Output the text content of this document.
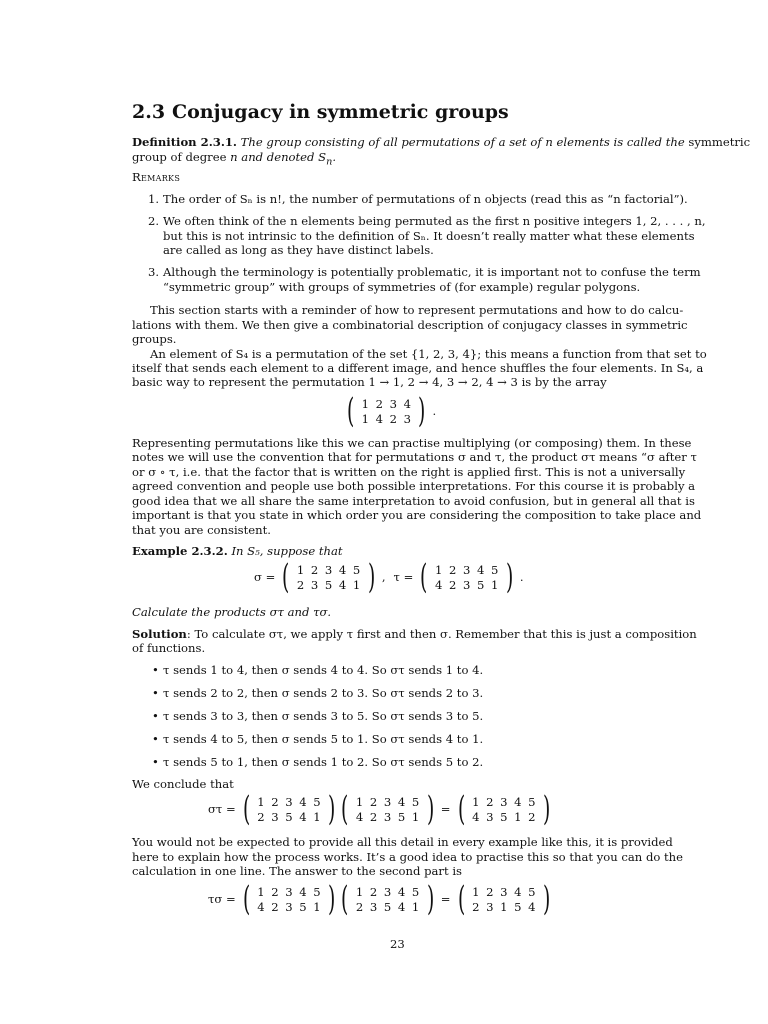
2.3 Conjugacy in symmetric groups
Definition 2.3.1. The group consisting of all permutations of a set of n elements is called the symmetric
group of degree n and denoted $S_n$.
Remarks
1. The order of Sₙ is n!, the number of permutations of n objects (read this as “n factorial”).
2. We often think of the n elements being permuted as the first n positive integers 1, 2, . . . , n,
but this is not intrinsic to the definition of Sₙ. It doesn’t really matter what these elements
are called as long as they have distinct labels.
3. Although the terminology is potentially problematic, it is important not to confuse the term
“symmetric group” with groups of symmetries of (for example) regular polygons.
This section starts with a reminder of how to represent permutations and how to do calcu-
lations with them. We then give a combinatorial description of conjugacy classes in symmetric
groups.
An element of S₄ is a permutation of the set {1, 2, 3, 4}; this means a function from that set to
itself that sends each element to a different image, and hence shuffles the four elements. In S₄, a
basic way to represent the permutation 1 → 1, 2 → 4, 3 → 2, 4 → 3 is by the array
( 1 2 3 4
1 4 2 3 ) .
Representing permutations like this we can practise multiplying (or composing) them. In these
notes we will use the convention that for permutations σ and τ, the product στ means “σ after τ
or σ ∘ τ, i.e. that the factor that is written on the right is applied first. This is not a universally
agreed convention and people use both possible interpretations. For this course it is probably a
good idea that we all share the same interpretation to avoid confusion, but in general all that is
important is that you state in which order you are considering the composition to take place and
that you are consistent.
Example 2.3.2. In S₅, suppose that
σ = ( 1 2 3 4 5
2 3 5 4 1 ) , τ = ( 1 2 3 4 5
4 2 3 5 1 ) .
Calculate the products στ and τσ.
Solution: To calculate στ, we apply τ first and then σ. Remember that this is just a composition
of functions.
• τ sends 1 to 4, then σ sends 4 to 4. So στ sends 1 to 4.
• τ sends 2 to 2, then σ sends 2 to 3. So στ sends 2 to 3.
• τ sends 3 to 3, then σ sends 3 to 5. So στ sends 3 to 5.
• τ sends 4 to 5, then σ sends 5 to 1. So στ sends 4 to 1.
• τ sends 5 to 1, then σ sends 1 to 2. So στ sends 5 to 2.
We conclude that
στ = ( 1 2 3 4 5
2 3 5 4 1 ) ( 1 2 3 4 5
4 2 3 5 1 ) = ( 1 2 3 4 5
4 3 5 1 2 )
You would not be expected to provide all this detail in every example like this, it is provided
here to explain how the process works. It’s a good idea to practise this so that you can do the
calculation in one line. The answer to the second part is
τσ = ( 1 2 3 4 5
4 2 3 5 1 ) ( 1 2 3 4 5
2 3 5 4 1 ) = ( 1 2 3 4 5
2 3 1 5 4 )
23
